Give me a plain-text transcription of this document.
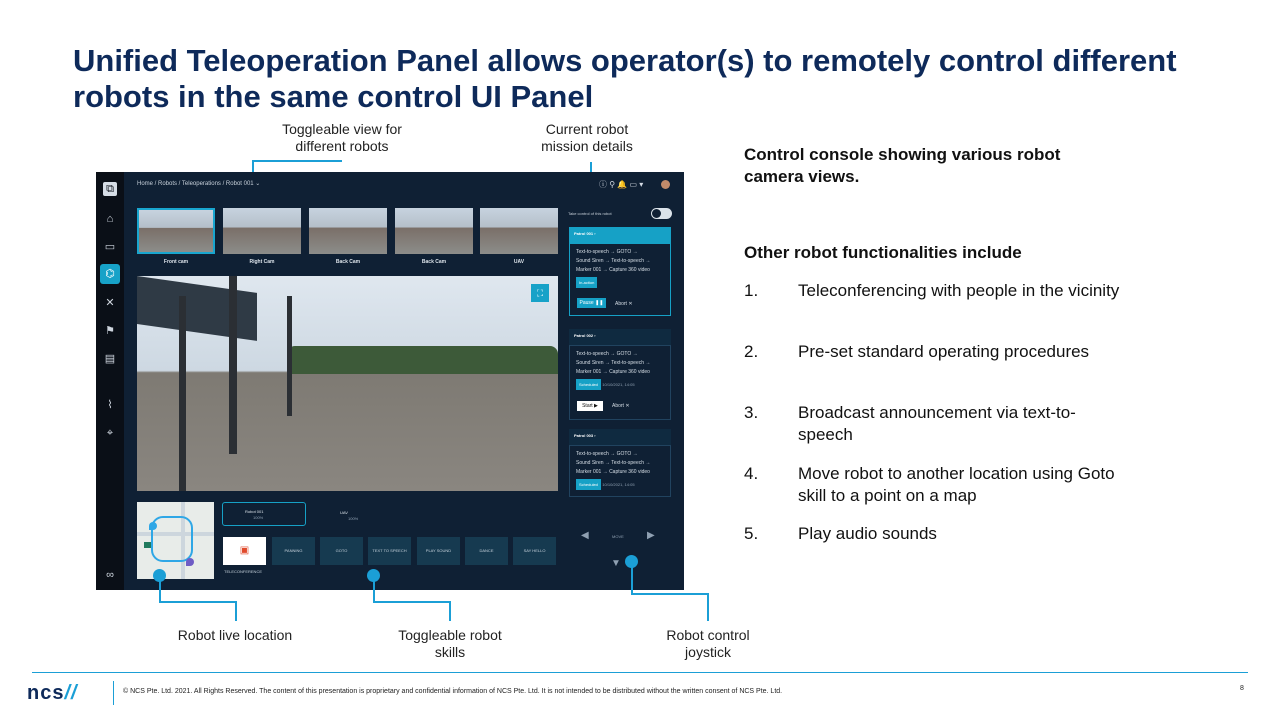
Unified Teleoperation Panel allows operator(s) to remotely control different robots in the same control UI Panel
Toggleable view for different robots
Current robot mission details
⧉
⌂
▭
⌬
✕
⚑
▤
⌇
⌖
∞
Home / Robots / Teleoperations / Robot 001 ⌄	ⓘ ⚲ 🔔 ▭ ▾
Front cam	Right Cam	Back Cam	Back Cam	UAV
⛶
Take control of this robot
Patrol 001 ›
Text-to-speech → GOTO →
Sound Siren → Text-to-speech →
Marker 001 → Capture 360 video
In-action
Pause ❚❚	Abort ✕
Patrol 002 ›
Text-to-speech → GOTO →
Sound Siren → Text-to-speech →
Marker 001 → Capture 360 video
Scheduled 10/10/2021, 14:05
Start ▶	Abort ✕
Patrol 003 ›
Text-to-speech → GOTO →
Sound Siren → Text-to-speech →
Marker 001 → Capture 360 video
Scheduled 10/10/2021, 14:05
◀	MOVE ▶
▼

Robot 001
100%
UAV
100%
▣
TELECONFERENCE
PANNING	GOTO	TEXT TO SPEECH	PLAY SOUND	DANCE	SAY HELLO
Robot live location	Toggleable robot skills
Robot control joystick
Control console showing various robot camera views.
Other robot functionalities include
1. Teleconferencing with people in the vicinity
2. Pre-set standard operating procedures
3. Broadcast announcement via text-to-speech
4. Move robot to another location using Goto skill to a point on a map
5. Play audio sounds
ncs//	© NCS Pte. Ltd. 2021. All Rights Reserved. The content of this presentation is proprietary and confidential information of NCS Pte. Ltd. It is not intended to be distributed without the written consent of NCS Pte. Ltd.	8
